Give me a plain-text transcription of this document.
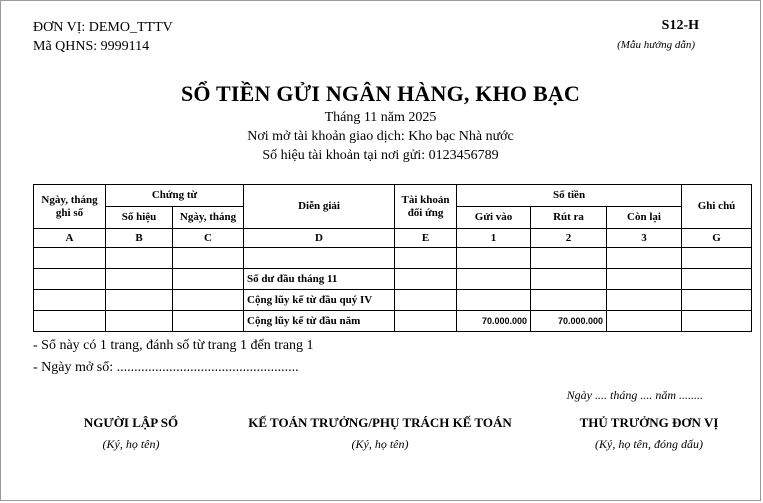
ĐƠN VỊ: DEMO_TTTV
Mã QHNS: 9999114
S12-H
(Mẫu hướng dẫn)
SỔ TIỀN GỬI NGÂN HÀNG, KHO BẠC
Tháng 11 năm 2025
Nơi mở tài khoản giao dịch: Kho bạc Nhà nước
Số hiệu tài khoản tại nơi gửi: 0123456789
Ngày, tháng ghi sổ	Chứng từ		Diễn giải	Tài khoản đối ứng	Số tiền			Ghi chú
	Số hiệu	Ngày, tháng			Gửi vào	Rút ra	Còn lại	
A	B	C	D	E	1	2	3	G

			Số dư đầu tháng 11					
			Cộng lũy kế từ đầu quý IV					
			Cộng lũy kế từ đầu năm		70.000.000	70.000.000		
- Sổ này có 1 trang, đánh số từ trang 1 đến trang 1
- Ngày mở sổ: ....................................................
Ngày .... tháng .... năm ........
NGƯỜI LẬP SỔ
(Ký, họ tên)
KẾ TOÁN TRƯỞNG/PHỤ TRÁCH KẾ TOÁN
(Ký, họ tên)
THỦ TRƯỞNG ĐƠN VỊ
(Ký, họ tên, đóng dấu)
